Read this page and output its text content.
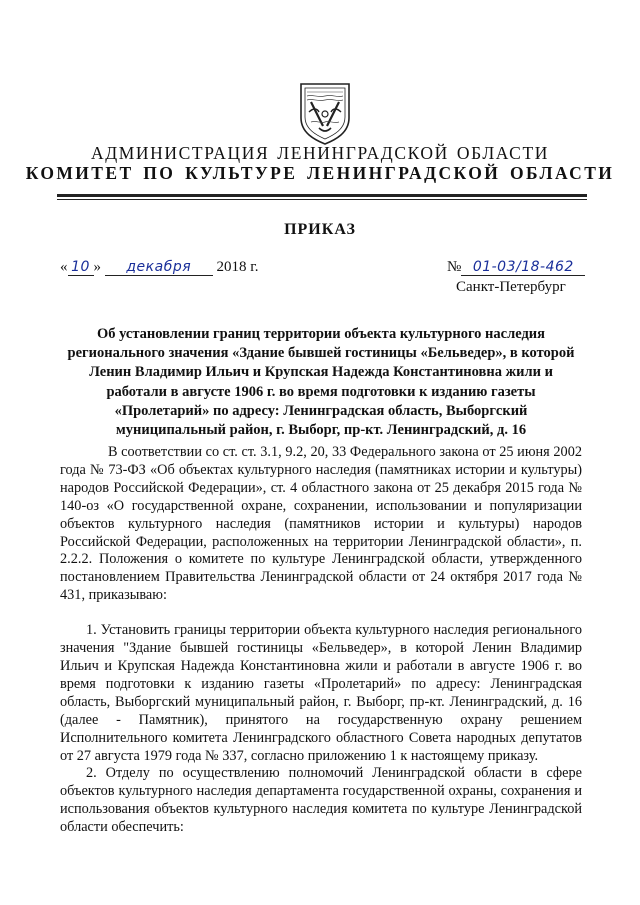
АДМИНИСТРАЦИЯ ЛЕНИНГРАДСКОЙ ОБЛАСТИ
КОМИТЕТ ПО КУЛЬТУРЕ ЛЕНИНГРАДСКОЙ ОБЛАСТИ
ПРИКАЗ
« 10 » декабря 2018 г.	№ 01-03/18-462
Санкт-Петербург
Об установлении границ территории объекта культурного наследия регионального значения «Здание бывшей гостиницы «Бельведер», в которой Ленин Владимир Ильич и Крупская Надежда Константиновна жили и работали в августе 1906 г. во время подготовки к изданию газеты «Пролетарий» по адресу: Ленинградская область, Выборгский муниципальный район, г. Выборг, пр-кт. Ленинградский, д. 16

В соответствии со ст. ст. 3.1, 9.2, 20, 33 Федерального закона от 25 июня 2002 года № 73-ФЗ «Об объектах культурного наследия (памятниках истории и культуры) народов Российской Федерации», ст. 4 областного закона от 25 декабря 2015 года № 140-оз «О государственной охране, сохранении, использовании и популяризации объектов культурного наследия (памятников истории и культуры) народов Российской Федерации, расположенных на территории Ленинградской области», п. 2.2.2. Положения о комитете по культуре Ленинградской области, утвержденного постановлением Правительства Ленинградской области от 24 октября 2017 года № 431, приказываю:

1. Установить границы территории объекта культурного наследия регионального значения "Здание бывшей гостиницы «Бельведер», в которой Ленин Владимир Ильич и Крупская Надежда Константиновна жили и работали в августе 1906 г. во время подготовки к изданию газеты «Пролетарий» по адресу: Ленинградская область, Выборгский муниципальный район, г. Выборг, пр-кт. Ленинградский, д. 16 (далее - Памятник), принятого на государственную охрану решением Исполнительного комитета Ленинградского областного Совета народных депутатов от 27 августа 1979 года № 337, согласно приложению 1 к настоящему приказу.

2. Отделу по осуществлению полномочий Ленинградской области в сфере объектов культурного наследия департамента государственной охраны, сохранения и использования объектов культурного наследия комитета по культуре Ленинградской области обеспечить:
